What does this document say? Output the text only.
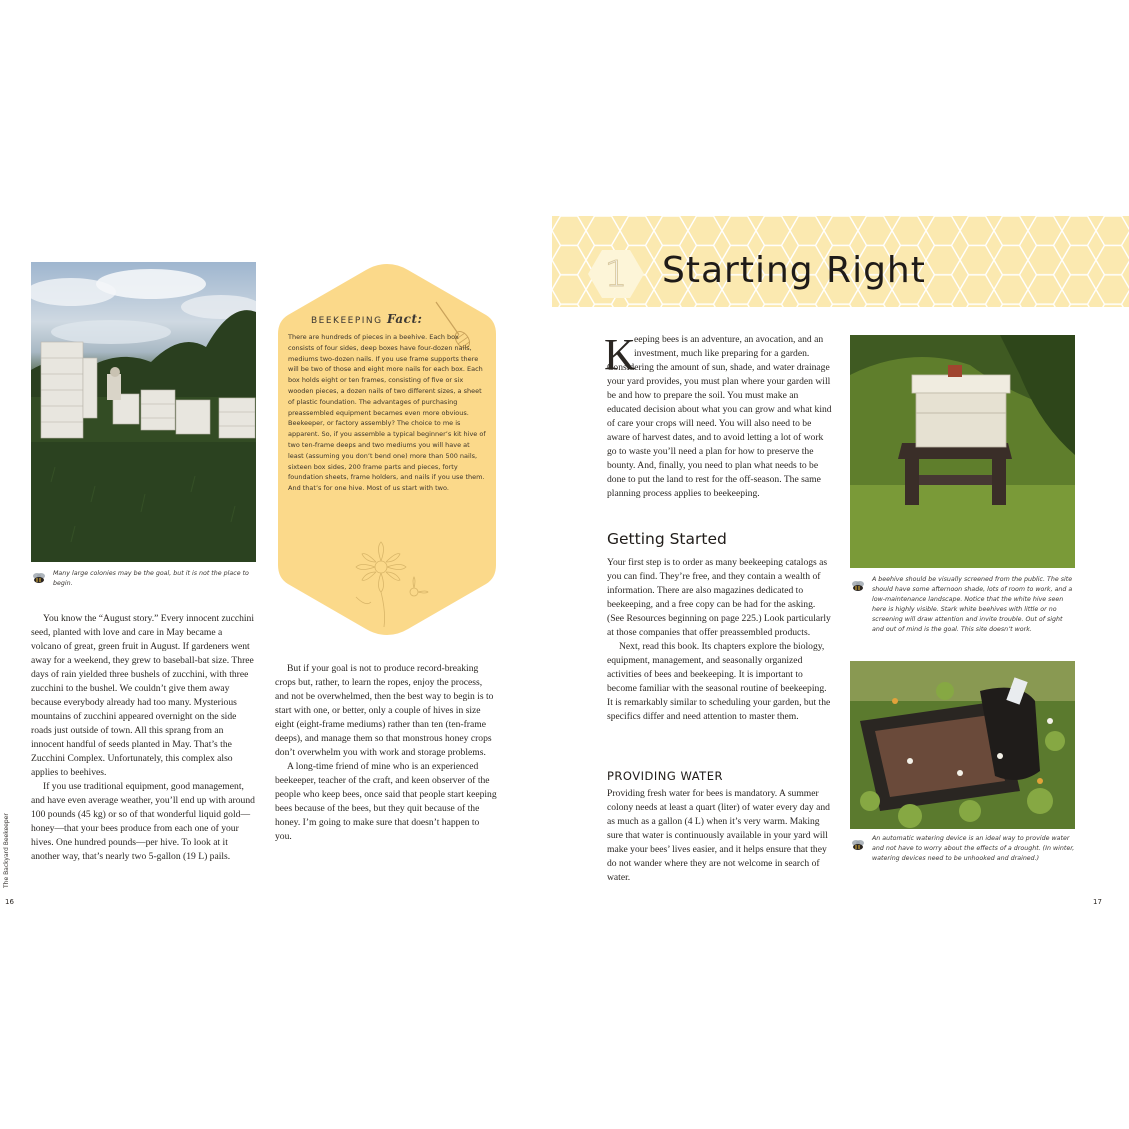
Many large colonies may be the goal, but it is not the place to begin.
BEEKEEPING Fact:
There are hundreds of pieces in a beehive. Each box consists of four sides, deep boxes have four-dozen nails, mediums two-dozen nails. If you use frame supports there will be two of those and eight more nails for each box. Each box holds eight or ten frames, consisting of five or six wooden pieces, a dozen nails of two different sizes, a sheet of plastic foundation. The advantages of purchasing preassembled equipment becames even more obvious. Beekeeper, or factory assembly? The choice to me is apparent. So, if you assemble a typical beginner’s kit hive of two ten-frame deeps and two mediums you will have at least (assuming you don’t bend one) more than 500 nails, sixteen box sides, 200 frame parts and pieces, forty foundation sheets, frame holders, and nails if you use them. And that’s for one hive. Most of us start with two.

You know the “August story.” Every innocent zucchini seed, planted with love and care in May became a volcano of great, green fruit in August. If gardeners went away for a weekend, they grew to baseball-bat size. Three days of rain yielded three bushels of zucchini, with three zucchini to the bushel. We couldn’t give them away because everybody already had too many. Mysterious mountains of zucchini appeared overnight on the side roads just outside of town. All this sprang from an innocent handful of seeds planted in May. That’s the Zucchini Complex. Unfortunately, this complex also applies to beehives.

If you use traditional equipment, good management, and have even average weather, you’ll end up with around 100 pounds (45 kg) or so of that wonderful liquid gold—honey—that your bees produce from each one of your hives. One hundred pounds—per hive. To look at it another way, that’s nearly two 5-gallon (19 L) pails.

But if your goal is not to produce record-breaking crops but, rather, to learn the ropes, enjoy the process, and not be overwhelmed, then the best way to begin is to start with one, or better, only a couple of hives in size eight (eight-frame mediums) rather than ten (ten-frame deeps), and manage them so that monstrous honey crops don’t overwhelm you with work and storage problems.

A long-time friend of mine who is an experienced beekeeper, teacher of the craft, and keen observer of the people who keep bees, once said that people start keeping bees because of the bees, but they quit because of the honey. I’m going to make sure that doesn’t happen to you.

The Backyard Beekeeper
16
1 Starting Right
K
eeping bees is an adventure, an avocation, and an investment, much like preparing for a garden.
Considering the amount of sun, shade, and water drainage your yard provides, you must plan where your garden will be and how to prepare the soil. You must make an educated decision about what you can grow and what kind of care your crops will need. You will also need to be aware of harvest dates, and to avoid letting a lot of work go to waste you’ll need a plan for how to preserve the bounty. And, finally, you need to plan what needs to be done to put the land to rest for the off-season. The same planning process applies to beekeeping.
Getting Started

Your first step is to order as many beekeeping catalogs as you can find. They’re free, and they contain a wealth of information. There are also magazines dedicated to beekeeping, and a free copy can be had for the asking. (See Resources beginning on page 225.) Look particularly at those companies that offer preassembled products.

Next, read this book. Its chapters explore the biology, equipment, management, and seasonally organized activities of bees and beekeeping. It is important to become familiar with the seasonal routine of beekeeping. It is remarkably similar to scheduling your garden, but the specifics differ and need attention to master them.

PROVIDING WATER

Providing fresh water for bees is mandatory. A summer colony needs at least a quart (liter) of water every day and as much as a gallon (4 L) when it’s very warm. Making sure that water is continuously available in your yard will make your bees’ lives easier, and it helps ensure that they do not wander where they are not welcome in search of water.

A beehive should be visually screened from the public. The site should have some afternoon shade, lots of room to work, and a low-maintenance landscape. Notice that the white hive seen here is highly visible. Stark white beehives with little or no screening will draw attention and invite trouble. Out of sight and out of mind is the goal. This site doesn’t work.
An automatic watering device is an ideal way to provide water and not have to worry about the effects of a drought. (In winter, watering devices need to be unhooked and drained.)
17
